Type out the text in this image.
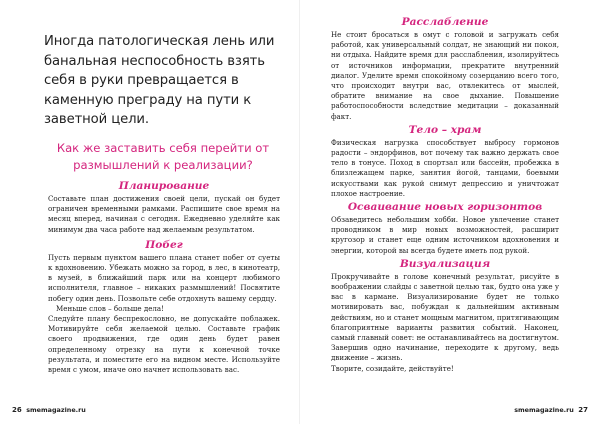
Иногда патологическая лень или банальная неспособность взять себя в руки превращается в каменную преграду на пути к заветной цели.
Как же заставить себя перейти от размышлений к реализации?
Планирование

Составьте план достижения своей цели, пускай он будет ограничен временными рамками. Распишите свое время на месяц вперед, начиная с сегодня. Ежедневно уделяйте как минимум два часа работе над желаемым результатом.

Побег

Пусть первым пунктом вашего плана станет побег от суеты к вдохновению. Убежать можно за город, в лес, в кинотеатр, в музей, в ближайший парк или на концерт любимого исполнителя, главное – никаких размышлений! Посвятите побегу один день. Позвольте себе отдохнуть вашему сердцу.

Меньше слов – больше дела!

Следуйте плану беспрекословно, не допускайте поблажек. Мотивируйте себя желаемой целью. Составьте график своего продвижения, где один день будет равен определенному отрезку на пути к конечной точке результата, и поместите его на видном месте. Используйте время с умом, иначе оно начнет использовать вас.

26 smemagazine.ru
Расслабление

Не стоит бросаться в омут с головой и загружать себя работой, как универсальный солдат, не знающий ни покоя, ни отдыха. Найдите время для расслабления, изолируйтесь от источников информации, прекратите внутренний диалог. Уделите время спокойному созерцанию всего того, что происходит внутри вас, отвлекитесь от мыслей, обратите внимание на свое дыхание. Повышение работоспособности вследствие медитации – доказанный факт.

Тело – храм

Физическая нагрузка способствует выбросу гормонов радости – эндорфинов, вот почему так важно держать свое тело в тонусе. Поход в спортзал или бассейн, пробежка в близлежащем парке, занятия йогой, танцами, боевыми искусствами как рукой снимут депрессию и уничтожат плохое настроение.

Осваивание новых горизонтов

Обзаведитесь небольшим хобби. Новое увлечение станет проводником в мир новых возможностей, расширит кругозор и станет еще одним источником вдохновения и энергии, которой вы всегда будете иметь под рукой.

Визуализация

Прокручивайте в голове конечный результат, рисуйте в воображении слайды с заветной целью так, будто она уже у вас в кармане. Визуализирование будет не только мотивировать вас, побуждая к дальнейшим активным действиям, но и станет мощным магнитом, притягивающим благоприятные варианты развития событий. Наконец, самый главный совет: не останавливайтесь на достигнутом. Завершив одно начинание, переходите к другому, ведь движение – жизнь.

Творите, созидайте, действуйте!

smemagazine.ru 27
